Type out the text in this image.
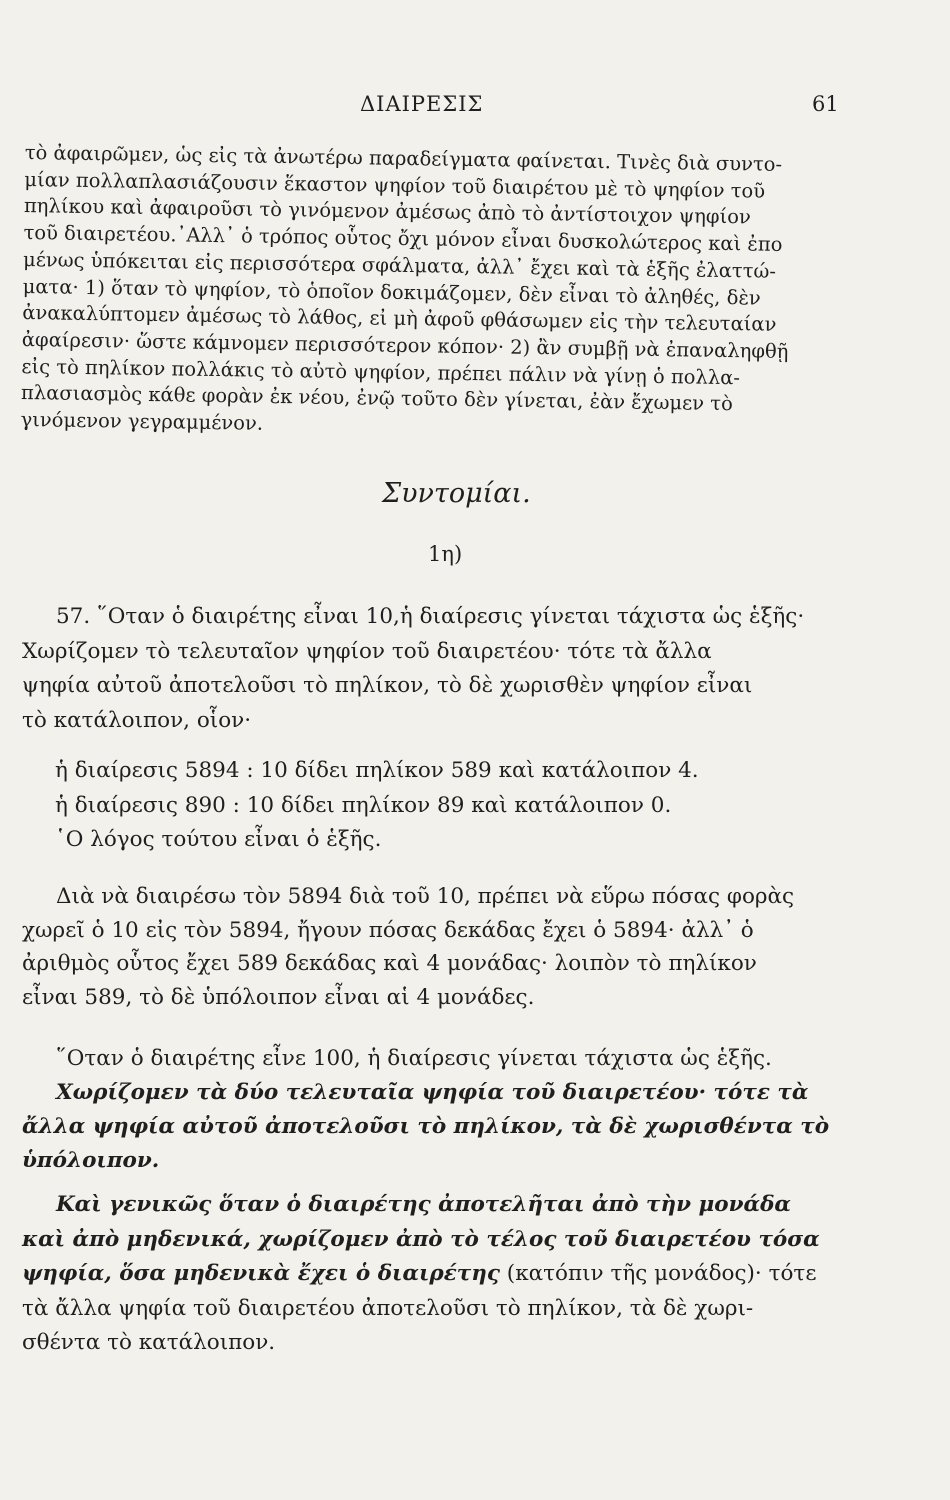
ΔΙΑΙΡΕΣΙΣ	61
τὸ ἀφαιρῶμεν, ὡς εἰς τὰ ἀνωτέρω παραδείγματα φαίνεται. Τινὲς διὰ συντο-
μίαν πολλαπλασιάζουσιν ἕκαστον ψηφίον τοῦ διαιρέτου μὲ τὸ ψηφίον τοῦ
πηλίκου καὶ ἀφαιροῦσι τὸ γινόμενον ἀμέσως ἀπὸ τὸ ἀντίστοιχον ψηφίον
τοῦ διαιρετέου.᾽Αλλ᾽ ὁ τρόπος οὗτος ὄχι μόνον εἶναι δυσκολώτερος καὶ ἐπο
μένως ὑπόκειται εἰς περισσότερα σφάλματα, ἀλλ᾽ ἔχει καὶ τὰ ἑξῆς ἐλαττώ-
ματα· 1) ὅταν τὸ ψηφίον, τὸ ὁποῖον δοκιμάζομεν, δὲν εἶναι τὸ ἀληθές, δὲν
ἀνακαλύπτομεν ἀμέσως τὸ λάθος, εἰ μὴ ἀφοῦ φθάσωμεν εἰς τὴν τελευταίαν
ἀφαίρεσιν· ὥστε κάμνομεν περισσότερον κόπον· 2) ἂν συμβῇ νὰ ἐπαναληφθῇ
εἰς τὸ πηλίκον πολλάκις τὸ αὐτὸ ψηφίον, πρέπει πάλιν νὰ γίνῃ ὁ πολλα-
πλασιασμὸς κάθε φορὰν ἐκ νέου, ἐνῷ τοῦτο δὲν γίνεται, ἐὰν ἔχωμεν τὸ
γινόμενον γεγραμμένον.
Συντομίαι.
1η)
57. ῞Οταν ὁ διαιρέτης εἶναι 10,ἡ διαίρεσις γίνεται τάχιστα ὡς ἑξῆς·
Χωρίζομεν τὸ τελευταῖον ψηφίον τοῦ διαιρετέου· τότε τὰ ἄλλα
ψηφία αὐτοῦ ἀποτελοῦσι τὸ πηλίκον, τὸ δὲ χωρισθὲν ψηφίον εἶναι
τὸ κατάλοιπον, οἷον·
ἡ διαίρεσις 5894 : 10 δίδει πηλίκον 589 καὶ κατάλοιπον 4.
ἡ διαίρεσις 890 : 10 δίδει πηλίκον 89 καὶ κατάλοιπον 0.
῾Ο λόγος τούτου εἶναι ὁ ἑξῆς.
Διὰ νὰ διαιρέσω τὸν 5894 διὰ τοῦ 10, πρέπει νὰ εὕρω πόσας φορὰς
χωρεῖ ὁ 10 εἰς τὸν 5894, ἤγουν πόσας δεκάδας ἔχει ὁ 5894· ἀλλ᾽ ὁ
ἀριθμὸς οὗτος ἔχει 589 δεκάδας καὶ 4 μονάδας· λοιπὸν τὸ πηλίκον
εἶναι 589, τὸ δὲ ὑπόλοιπον εἶναι αἱ 4 μονάδες.
῞Οταν ὁ διαιρέτης εἶνε 100, ἡ διαίρεσις γίνεται τάχιστα ὡς ἑξῆς.
Χωρίζομεν τὰ δύο τελευταῖα ψηφία τοῦ διαιρετέου· τότε τὰ
ἄλλα ψηφία αὐτοῦ ἀποτελοῦσι τὸ πηλίκον, τὰ δὲ χωρισθέντα τὸ
ὑπόλοιπον.
Καὶ γενικῶς ὅταν ὁ διαιρέτης ἀποτελῆται ἀπὸ τὴν μονάδα
καὶ ἀπὸ μηδενικά, χωρίζομεν ἀπὸ τὸ τέλος τοῦ διαιρετέου τόσα
ψηφία, ὅσα μηδενικὰ ἔχει ὁ διαιρέτης (κατόπιν τῆς μονάδος)· τότε
τὰ ἄλλα ψηφία τοῦ διαιρετέου ἀποτελοῦσι τὸ πηλίκον, τὰ δὲ χωρι-
σθέντα τὸ κατάλοιπον.
